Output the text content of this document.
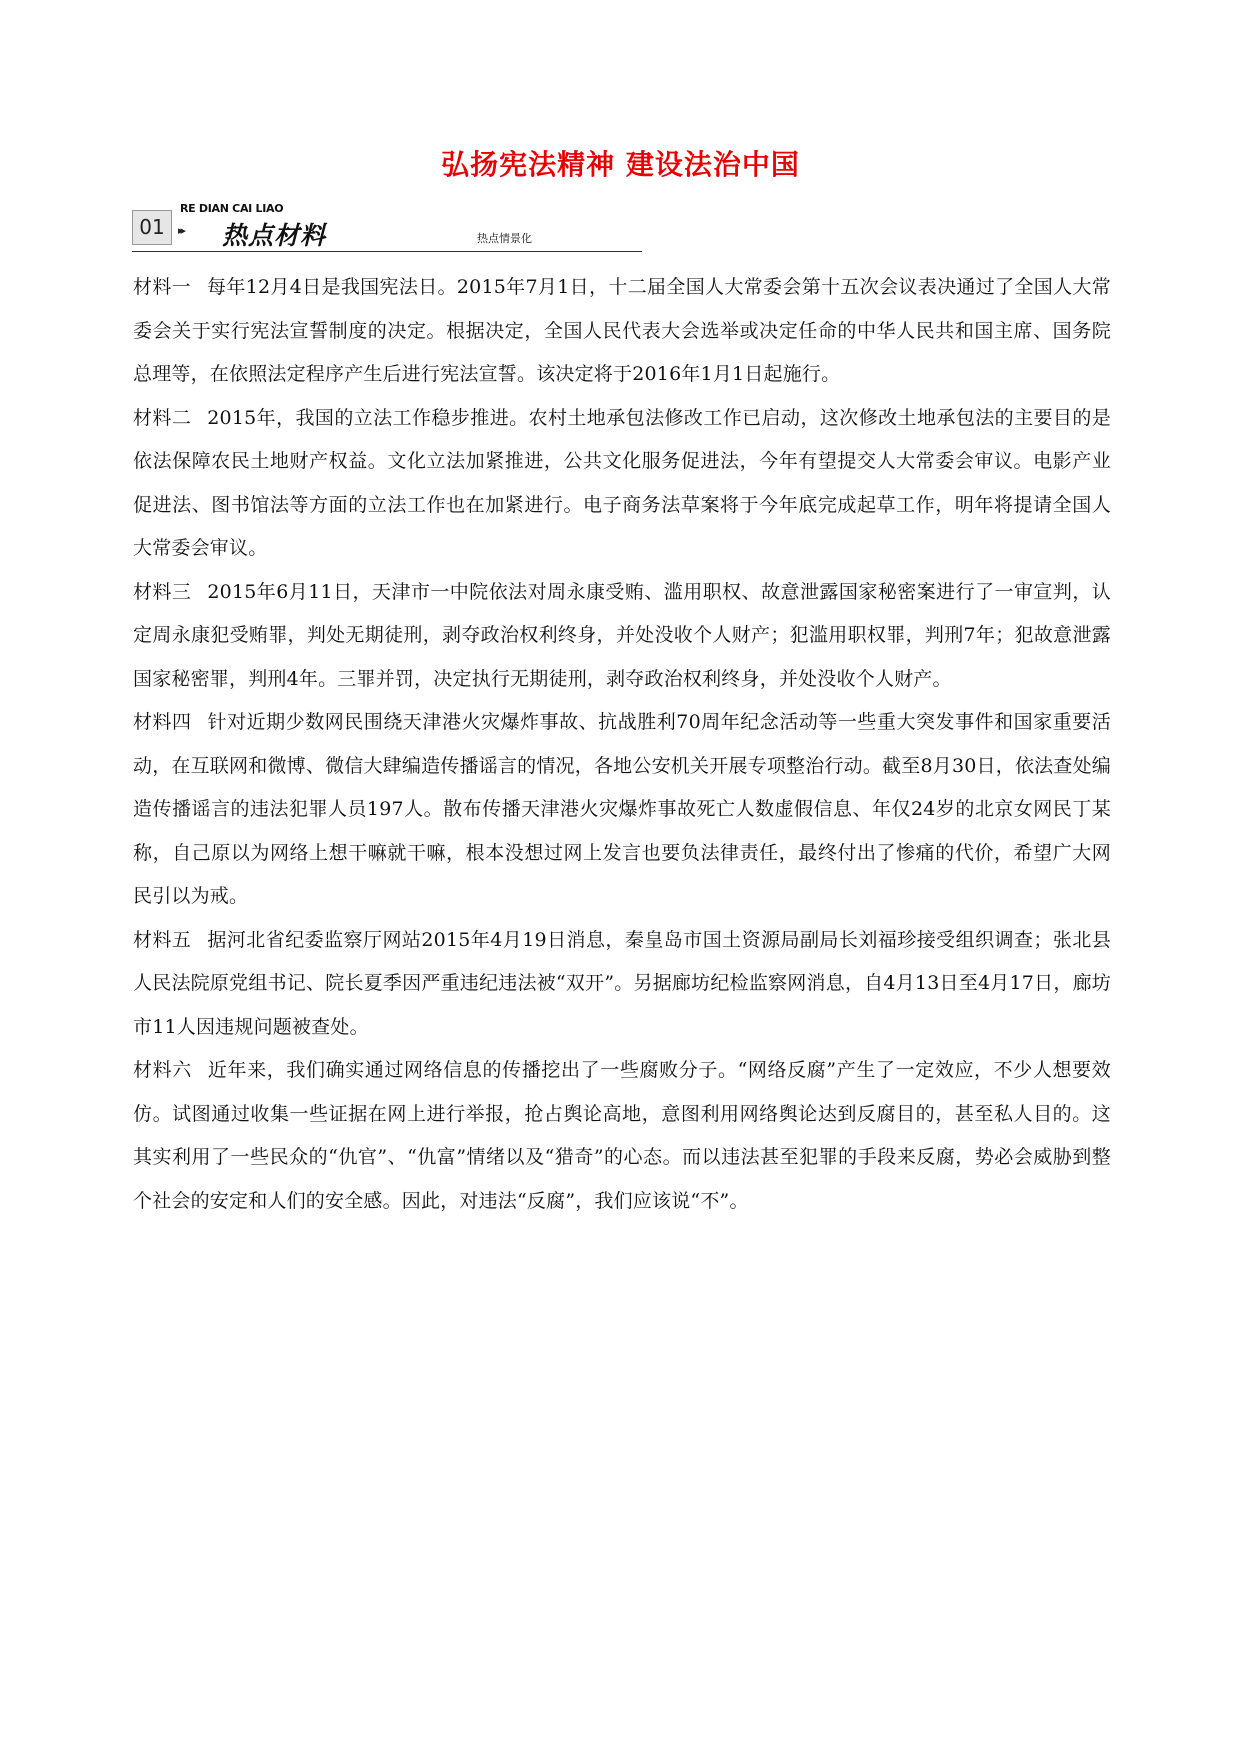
弘扬宪法精神 建设法治中国
01	▸▸
RE DIAN CAI LIAO
热点材料	热点情景化

材料一 每年12月4日是我国宪法日。2015年7月1日，十二届全国人大常委会第十五次会议表决通过了全国人大常委会关于实行宪法宣誓制度的决定。根据决定，全国人民代表大会选举或决定任命的中华人民共和国主席、国务院总理等，在依照法定程序产生后进行宪法宣誓。该决定将于2016年1月1日起施行。

材料二 2015年，我国的立法工作稳步推进。农村土地承包法修改工作已启动，这次修改土地承包法的主要目的是依法保障农民土地财产权益。文化立法加紧推进，公共文化服务促进法，今年有望提交人大常委会审议。电影产业促进法、图书馆法等方面的立法工作也在加紧进行。电子商务法草案将于今年底完成起草工作，明年将提请全国人大常委会审议。

材料三 2015年6月11日，天津市一中院依法对周永康受贿、滥用职权、故意泄露国家秘密案进行了一审宣判，认定周永康犯受贿罪，判处无期徒刑，剥夺政治权利终身，并处没收个人财产；犯滥用职权罪，判刑7年；犯故意泄露国家秘密罪，判刑4年。三罪并罚，决定执行无期徒刑，剥夺政治权利终身，并处没收个人财产。

材料四 针对近期少数网民围绕天津港火灾爆炸事故、抗战胜利70周年纪念活动等一些重大突发事件和国家重要活动，在互联网和微博、微信大肆编造传播谣言的情况，各地公安机关开展专项整治行动。截至8月30日，依法查处编造传播谣言的违法犯罪人员197人。散布传播天津港火灾爆炸事故死亡人数虚假信息、年仅24岁的北京女网民丁某称，自己原以为网络上想干嘛就干嘛，根本没想过网上发言也要负法律责任，最终付出了惨痛的代价，希望广大网民引以为戒。

材料五 据河北省纪委监察厅网站2015年4月19日消息，秦皇岛市国土资源局副局长刘福珍接受组织调查；张北县人民法院原党组书记、院长夏季因严重违纪违法被“双开”。另据廊坊纪检监察网消息，自4月13日至4月17日，廊坊市11人因违规问题被查处。

材料六 近年来，我们确实通过网络信息的传播挖出了一些腐败分子。“网络反腐”产生了一定效应，不少人想要效仿。试图通过收集一些证据在网上进行举报，抢占舆论高地，意图利用网络舆论达到反腐目的，甚至私人目的。这其实利用了一些民众的“仇官”、“仇富”情绪以及“猎奇”的心态。而以违法甚至犯罪的手段来反腐，势必会威胁到整个社会的安定和人们的安全感。因此，对违法“反腐”，我们应该说“不”。
